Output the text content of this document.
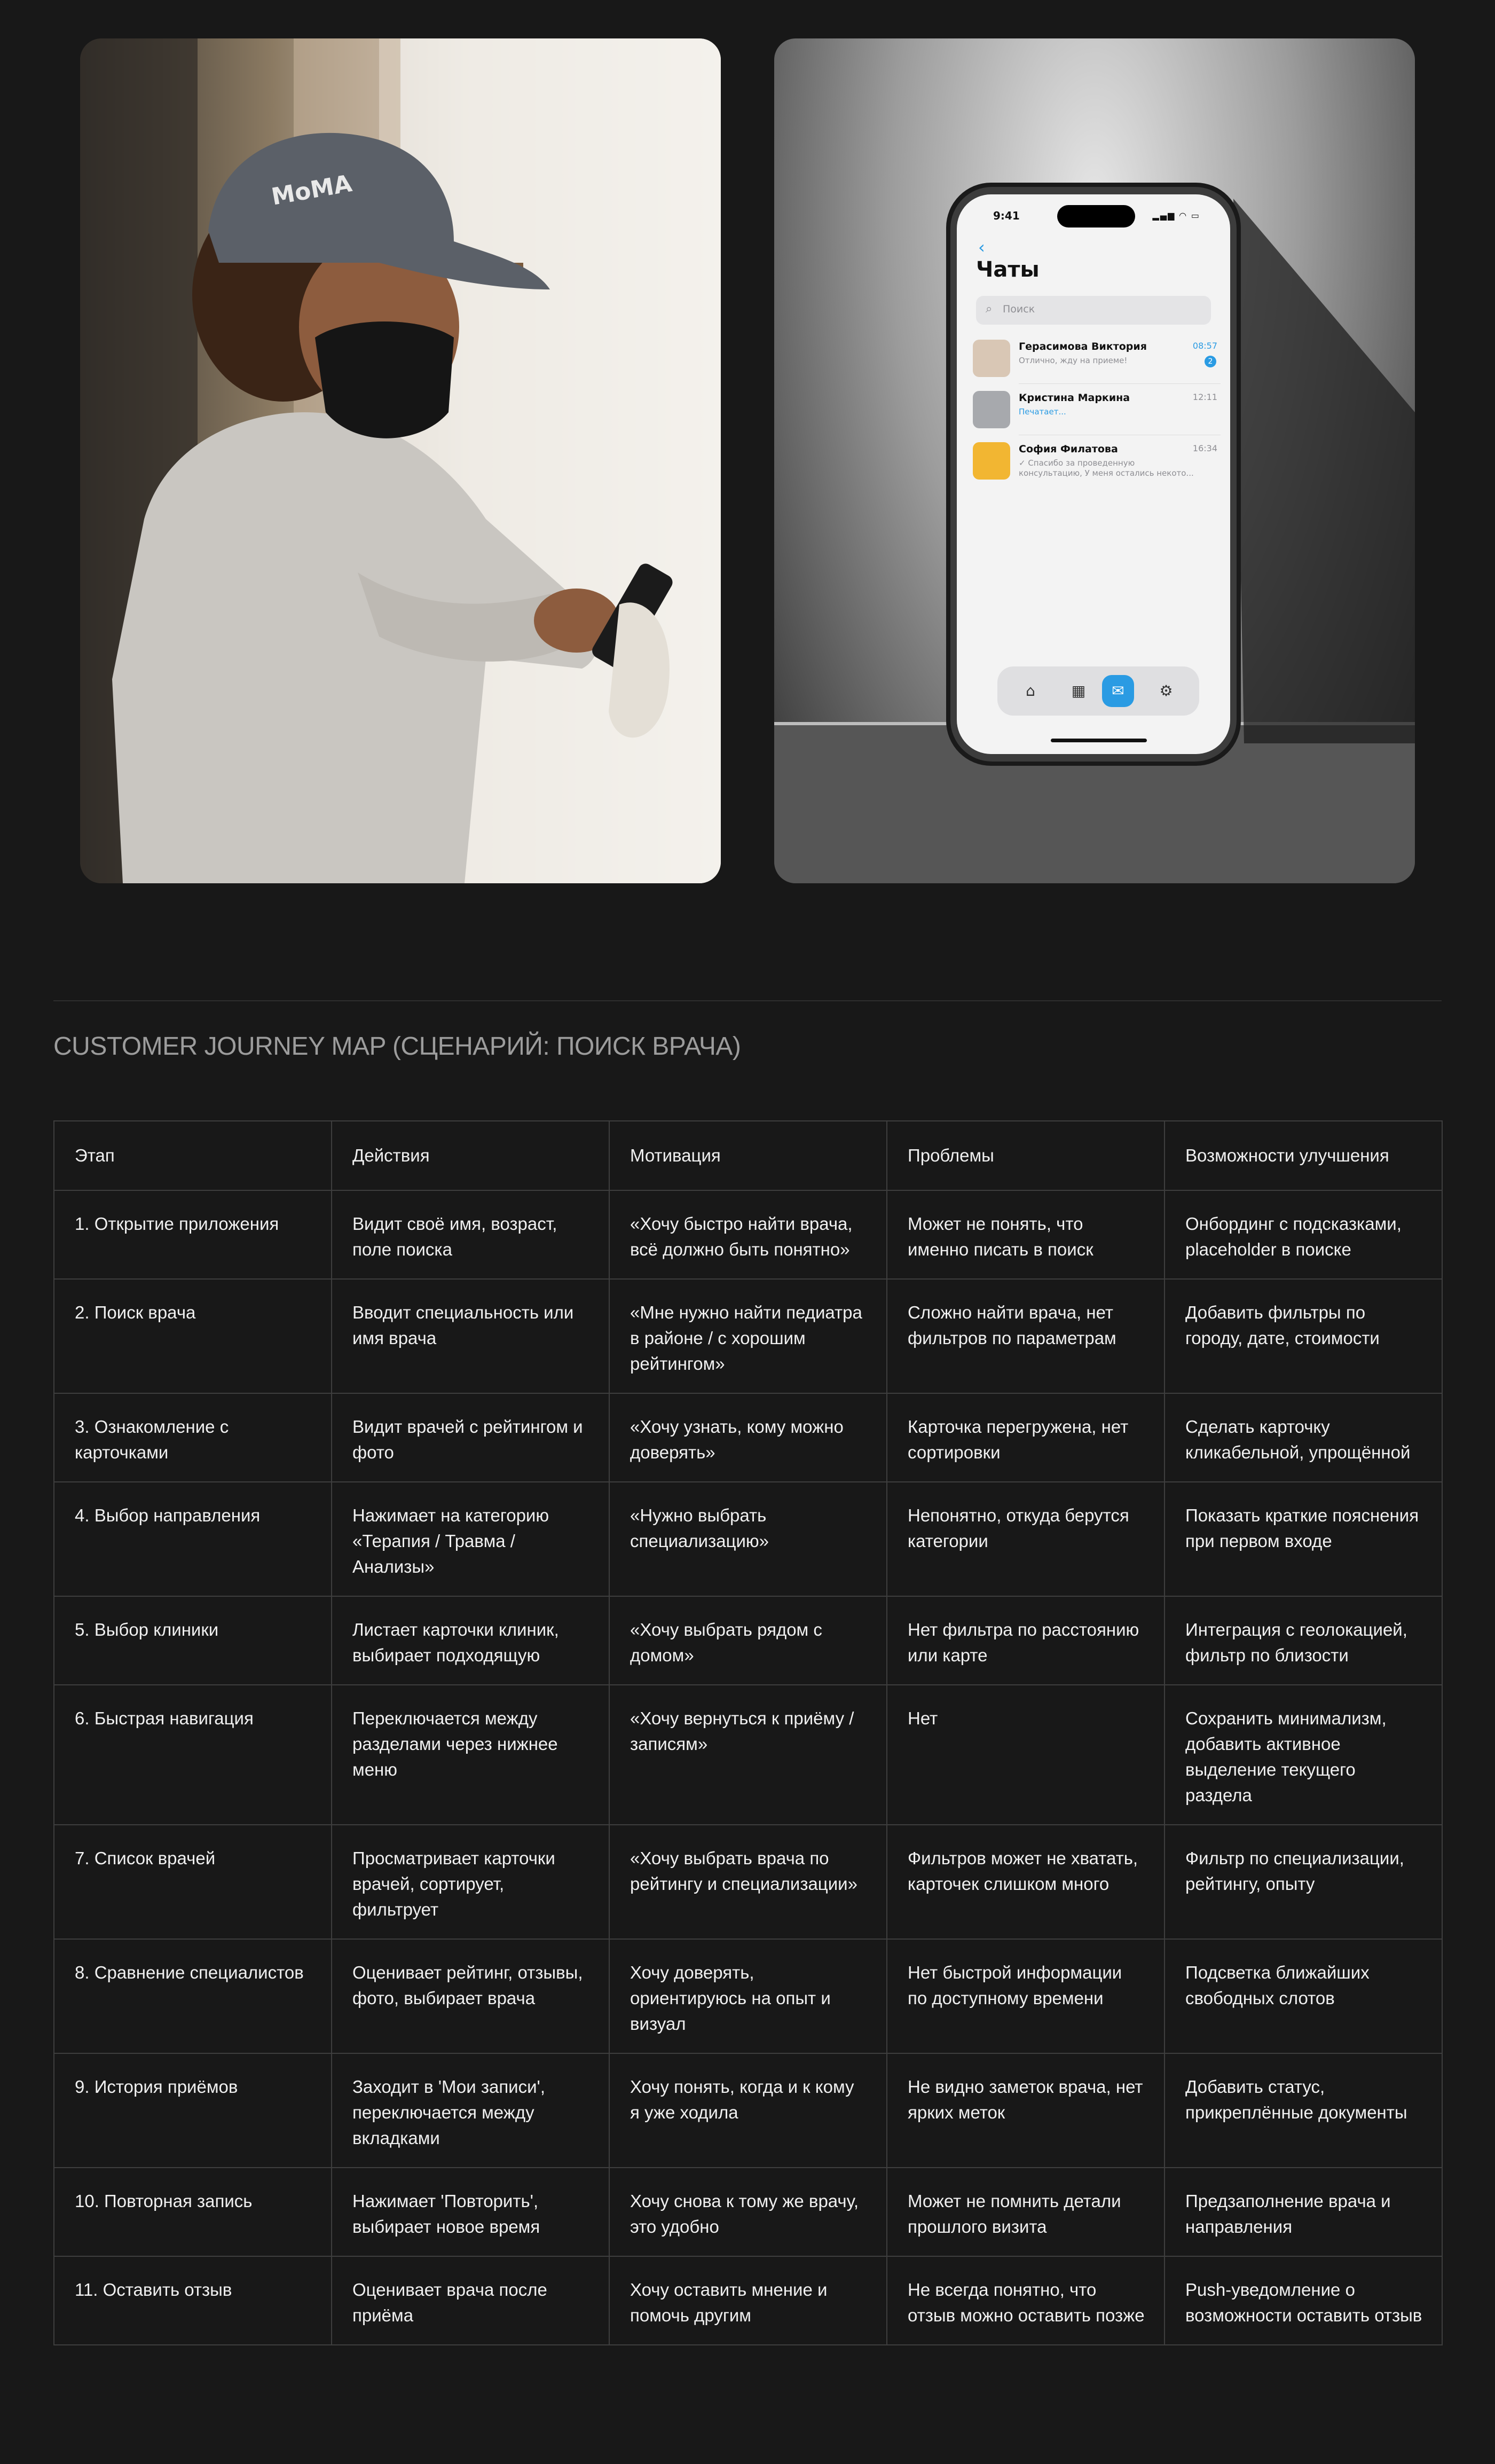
MoMA
9:41	▂▄▆ ◠ ▭
‹
Чаты
⌕ Поиск
Герасимова Виктория
Отлично, жду на приеме!
08:57
2
Кристина Маркина
Печатает...
12:11
София Филатова
✓ Спасибо за проведенную консультацию, У меня остались некото...
16:34
⌂	▦	✉	⚙
CUSTOMER JOURNEY MAP (СЦЕНАРИЙ: ПОИСК ВРАЧА)
Этап	Действия	Мотивация	Проблемы	Возможности улучшения
1. Открытие приложения	Видит своё имя, возраст, поле поиска	«Хочу быстро найти врача, всё должно быть понятно»	Может не понять, что именно писать в поиск	Онбординг с подсказками, placeholder в поиске
2. Поиск врача	Вводит специальность или имя врача	«Мне нужно найти педиатра в районе / с хорошим рейтингом»	Сложно найти врача, нет фильтров по параметрам	Добавить фильтры по городу, дате, стоимости
3. Ознакомление с карточками	Видит врачей с рейтингом и фото	«Хочу узнать, кому можно доверять»	Карточка перегружена, нет сортировки	Сделать карточку кликабельной, упрощённой
4. Выбор направления	Нажимает на категорию «Терапия / Травма / Анализы»	«Нужно выбрать специализацию»	Непонятно, откуда берутся категории	Показать краткие пояснения при первом входе
5. Выбор клиники	Листает карточки клиник, выбирает подходящую	«Хочу выбрать рядом с домом»	Нет фильтра по расстоянию или карте	Интеграция с геолокацией, фильтр по близости
6. Быстрая навигация	Переключается между разделами через нижнее меню	«Хочу вернуться к приёму / записям»	Нет	Сохранить минимализм, добавить активное выделение текущего раздела
7. Список врачей	Просматривает карточки врачей, сортирует, фильтрует	«Хочу выбрать врача по рейтингу и специализации»	Фильтров может не хватать, карточек слишком много	Фильтр по специализации, рейтингу, опыту
8. Сравнение специалистов	Оценивает рейтинг, отзывы, фото, выбирает врача	Хочу доверять, ориентируюсь на опыт и визуал	Нет быстрой информации по доступному времени	Подсветка ближайших свободных слотов
9. История приёмов	Заходит в 'Мои записи', переключается между вкладками	Хочу понять, когда и к кому я уже ходила	Не видно заметок врача, нет ярких меток	Добавить статус, прикреплённые документы
10. Повторная запись	Нажимает 'Повторить', выбирает новое время	Хочу снова к тому же врачу, это удобно	Может не помнить детали прошлого визита	Предзаполнение врача и направления
11. Оставить отзыв	Оценивает врача после приёма	Хочу оставить мнение и помочь другим	Не всегда понятно, что отзыв можно оставить позже	Push-уведомление о возможности оставить отзыв
